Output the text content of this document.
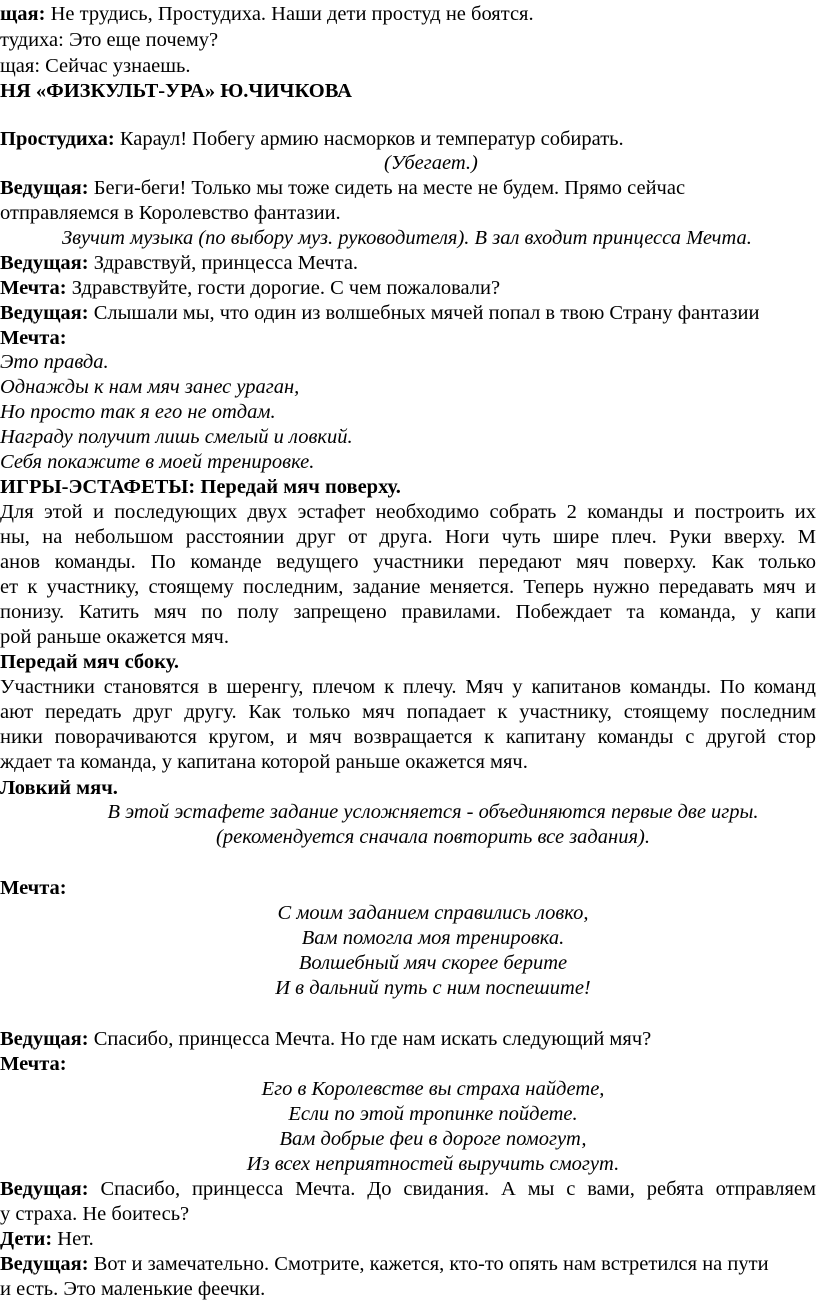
щая: Не трудись, Простудиха. Наши дети простуд не боятся.
тудиха: Это еще почему?
щая: Сейчас узнаешь.
НЯ «ФИЗКУЛЬТ-УРА» Ю.ЧИЧКОВА
Простудиха: Караул! Побегу армию насморков и температур собирать.
(Убегает.)
Ведущая: Беги-беги! Только мы тоже сидеть на месте не будем. Прямо сейчас
отправляемся в Королевство фантазии.
Звучит музыка (по выбору муз. руководителя). В зал входит принцесса Мечта.
Ведущая: Здравствуй, принцесса Мечта.
Мечта: Здравствуйте, гости дорогие. С чем пожаловали?
Ведущая: Слышали мы, что один из волшебных мячей попал в твою Страну фантазии
Мечта:
Это правда.
Однажды к нам мяч занес ураган,
Но просто так я его не отдам.
Награду получит лишь смелый и ловкий.
Себя покажите в моей тренировке.
ИГРЫ-ЭСТАФЕТЫ: Передай мяч поверху.
Для этой и последующих двух эстафет необходимо собрать 2 команды и построить их
ны, на небольшом расстоянии друг от друга. Ноги чуть шире плеч. Руки вверху. М
анов команды. По команде ведущего участники передают мяч поверху. Как только
ет к участнику, стоящему последним, задание меняется. Теперь нужно передавать мяч и
понизу. Катить мяч по полу запрещено правилами. Побеждает та команда, у капи
рой раньше окажется мяч.
Передай мяч сбоку.
Участники становятся в шеренгу, плечом к плечу. Мяч у капитанов команды. По команд
ают передать друг другу. Как только мяч попадает к участнику, стоящему последним
ники поворачиваются кругом, и мяч возвращается к капитану команды с другой стор
ждает та команда, у капитана которой раньше окажется мяч.
Ловкий мяч.
В этой эстафете задание усложняется - объединяются первые две игры.
(рекомендуется сначала повторить все задания).
Мечта:
С моим заданием справились ловко,
Вам помогла моя тренировка.
Волшебный мяч скорее берите
И в дальний путь с ним поспешите!
Ведущая: Спасибо, принцесса Мечта. Но где нам искать следующий мяч?
Мечта:
Его в Королевстве вы страха найдете,
Если по этой тропинке пойдете.
Вам добрые феи в дороге помогут,
Из всех неприятностей выручить смогут.
Ведущая: Спасибо, принцесса Мечта. До свидания. А мы с вами, ребята отправляем
у страха. Не боитесь?
Дети: Нет.
Ведущая: Вот и замечательно. Смотрите, кажется, кто-то опять нам встретился на пути
и есть. Это маленькие феечки.
